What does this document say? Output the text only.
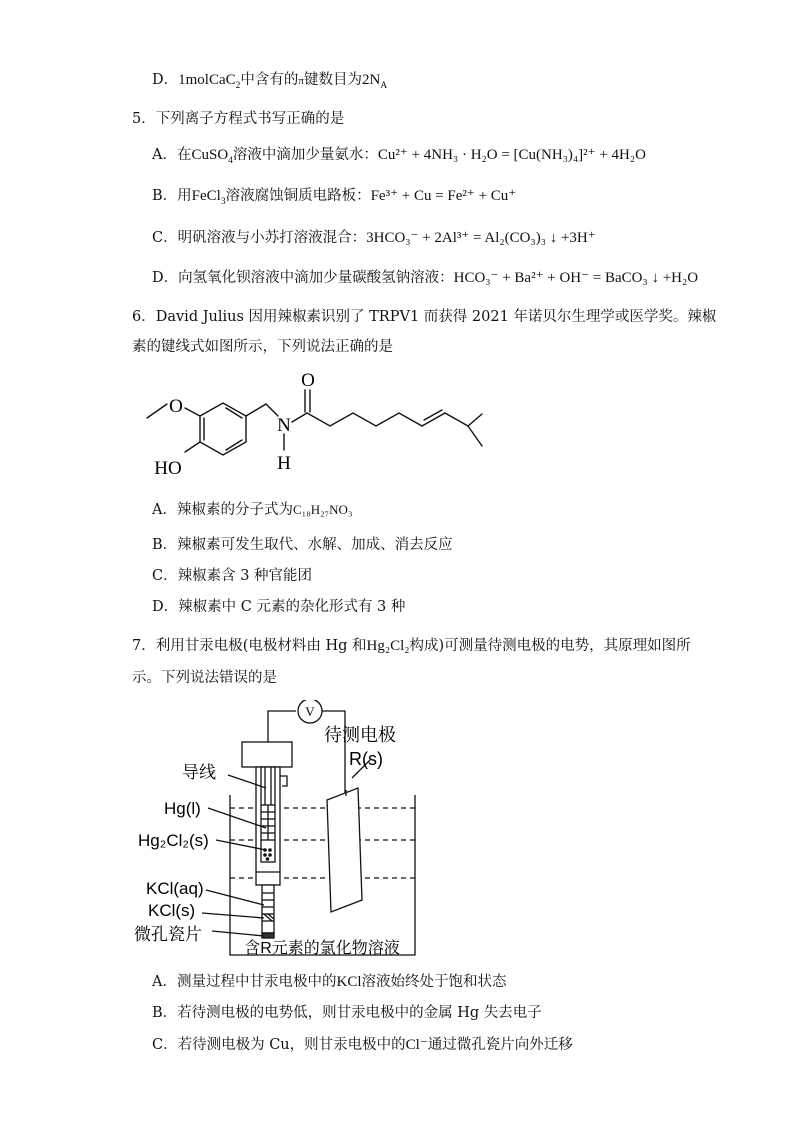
D．1molCaC$_2$中含有的π键数目为$2N_A$
5．下列离子方程式书写正确的是
A．在CuSO$_4$溶液中滴加少量氨水：Cu²⁺ + 4NH₃ · H₂O = [Cu(NH₃)₄]²⁺ + 4H₂O
B．用FeCl$_3$溶液腐蚀铜质电路板：Fe³⁺ + Cu = Fe²⁺ + Cu⁺
C．明矾溶液与小苏打溶液混合：3HCO₃⁻ + 2Al³⁺ = Al₂(CO₃)₃ ↓ +3H⁺
D．向氢氧化钡溶液中滴加少量碳酸氢钠溶液：HCO₃⁻ + Ba²⁺ + OH⁻ = BaCO₃ ↓ +H₂O
6．David Julius 因用辣椒素识别了 TRPV1 而获得 2021 年诺贝尔生理学或医学奖。辣椒
素的键线式如图所示，下列说法正确的是
O
O
N
H
HO
A．辣椒素的分子式为C₁₈H₂₇NO₃
B．辣椒素可发生取代、水解、加成、消去反应
C．辣椒素含 3 种官能团
D．辣椒素中 C 元素的杂化形式有 3 种
7．利用甘汞电极(电极材料由 Hg 和Hg₂Cl₂构成)可测量待测电极的电势，其原理如图所
示。下列说法错误的是
V
待测电极
R(s)
导线
Hg(l)
Hg₂Cl₂(s)
KCl(aq)
KCl(s)
微孔瓷片
含R元素的氯化物溶液
A．测量过程中甘汞电极中的KCl溶液始终处于饱和状态
B．若待测电极的电势低，则甘汞电极中的金属 Hg 失去电子
C．若待测电极为 Cu，则甘汞电极中的Cl⁻通过微孔瓷片向外迁移
